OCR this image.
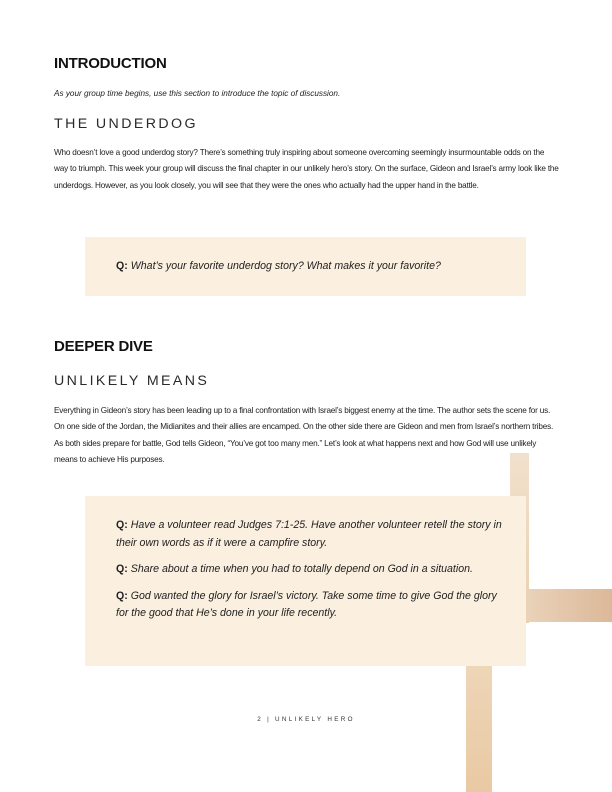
INTRODUCTION

As your group time begins, use this section to introduce the topic of discussion.

THE UNDERDOG

Who doesn’t love a good underdog story? There’s something truly inspiring about someone overcoming seemingly insurmountable odds on the way to triumph. This week your group will discuss the final chapter in our unlikely hero’s story. On the surface, Gideon and Israel’s army look like the underdogs. However, as you look closely, you will see that they were the ones who actually had the upper hand in the battle.

Q: What’s your favorite underdog story? What makes it your favorite?

DEEPER DIVE
UNLIKELY MEANS

Everything in Gideon’s story has been leading up to a final confrontation with Israel’s biggest enemy at the time. The author sets the scene for us. On one side of the Jordan, the Midianites and their allies are encamped. On the other side there are Gideon and men from Israel’s northern tribes. As both sides prepare for battle, God tells Gideon, “You’ve got too many men.” Let’s look at what happens next and how God will use unlikely means to achieve His purposes.

Q: Have a volunteer read Judges 7:1-25. Have another volunteer retell the story in their own words as if it were a campfire story.

Q: Share about a time when you had to totally depend on God in a situation.

Q: God wanted the glory for Israel’s victory. Take some time to give God the glory for the good that He’s done in your life recently.

2 | UNLIKELY HERO
